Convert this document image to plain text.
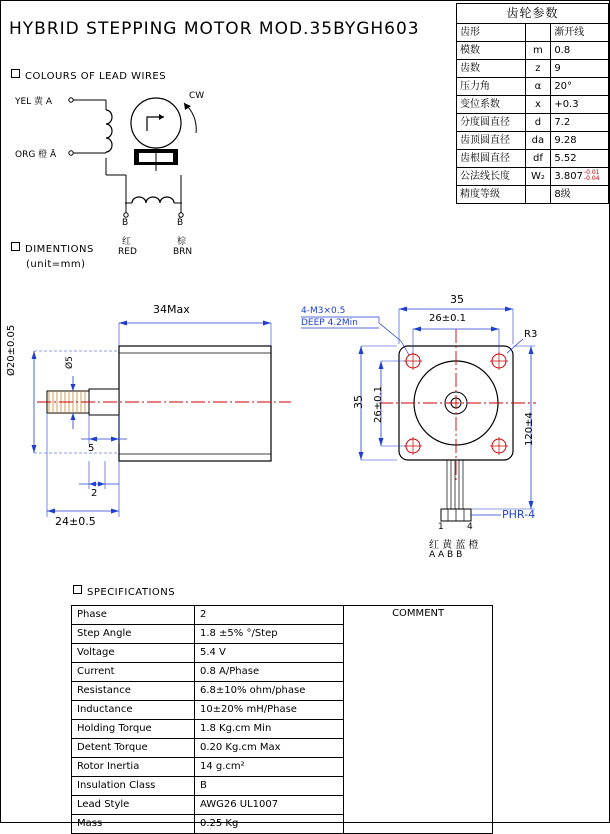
HYBRID STEPPING MOTOR MOD.35BYGH603
齿轮参数		
齿形		渐开线
模数	m	0.8
齿数	z	9
压力角	α	20°
变位系数	x	+0.3
分度圆直径	d	7.2
齿顶圆直径	da	9.28
齿根圆直径	df	5.52
公法线长度	W₂	3.807-0.01
-0.04
精度等级		8级
COLOURS OF LEAD WIRES
YEL 黄 A
ORG 橙 Ā
CW
B	B̄
红
RED
棕
BRN
DIMENTIONS
(unit=mm)
34Max
Ø20±0.05	Ø5
5
2
24±0.5
35
26±0.1
35 26±0.1
R3
120±4
4-M3×0.5
DEEP 4.2Min
PHR-4
1	4
红 黄 蓝 橙
A A B B
SPECIFICATIONS
Phase	2	COMMENT
Step Angle	1.8 ±5% °/Step	
Voltage	5.4 V	
Current	0.8 A/Phase	
Resistance	6.8±10% ohm/phase	
Inductance	10±20% mH/Phase	
Holding Torque	1.8 Kg.cm Min	
Detent Torque	0.20 Kg.cm Max	
Rotor Inertia	14 g.cm²	
Insulation Class	B	
Lead Style	AWG26 UL1007	
Mass	0.25 Kg	
